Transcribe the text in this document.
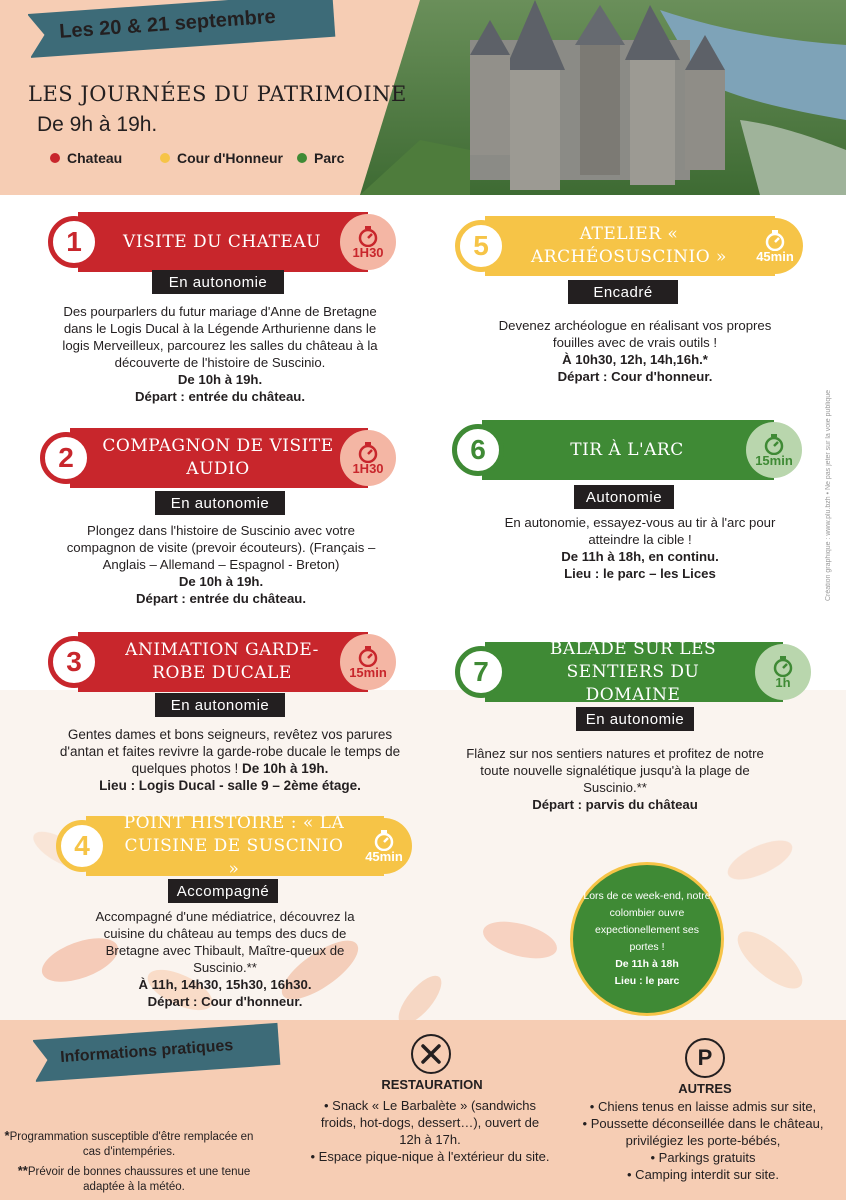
Les 20 & 21 septembre
LES JOURNÉES DU PATRIMOINE
De 9h à 19h.
Chateau	Cour d'Honneur Parc
1	VISITE DU CHATEAU
1H30
En autonomie
Des pourparlers du futur mariage d'Anne de Bretagne dans le Logis Ducal à la Légende Arthurienne dans le logis Merveilleux, parcourez les salles du château à la découverte de l'histoire de Suscinio.
De 10h à 19h.
Départ : entrée du château.
2	COMPAGNON DE VISITE AUDIO	1H30
En autonomie
Plongez dans l'histoire de Suscinio avec votre compagnon de visite (prevoir écouteurs). (Français – Anglais – Allemand – Espagnol - Breton)
De 10h à 19h.
Départ : entrée du château.
3	ANIMATION GARDE-ROBE DUCALE	15min
En autonomie
Gentes dames et bons seigneurs, revêtez vos parures d'antan et faites revivre la garde-robe ducale le temps de quelques photos ! De 10h à 19h.
Lieu : Logis Ducal - salle 9 – 2ème étage.
4
POINT HISTOIRE : « LA CUISINE DE SUSCINIO »
45min
Accompagné
Accompagné d'une médiatrice, découvrez la cuisine du château au temps des ducs de Bretagne avec Thibault, Maître-queux de Suscinio.**
À 11h, 14h30, 15h30, 16h30.
Départ : Cour d'honneur.
5	ATELIER « ARCHÉOSUSCINIO »	45min
Encadré
Devenez archéologue en réalisant vos propres fouilles avec de vrais outils !
À 10h30, 12h, 14h,16h.*
Départ : Cour d'honneur.
6	TIR À L'ARC
15min
Autonomie
En autonomie, essayez-vous au tir à l'arc pour atteindre la cible !
De 11h à 18h, en continu.
Lieu : le parc – les Lices
7
BALADE SUR LES SENTIERS DU DOMAINE
1h
En autonomie
Flânez sur nos sentiers natures et profitez de notre toute nouvelle signalétique jusqu'à la plage de Suscinio.**
Départ : parvis du château
Lors de ce week-end, notre colombier ouvre expectionellement ses portes !
De 11h à 18h
Lieu : le parc
Création graphique : www.plu.bzh • Ne pas jeter sur la voie publique
Informations pratiques
*Programmation susceptible d'être remplacée en cas d'intempéries.
**Prévoir de bonnes chaussures et une tenue adaptée à la météo.
RESTAURATION
• Snack « Le Barbalète » (sandwichs froids, hot-dogs, dessert…), ouvert de 12h à 17h.
• Espace pique-nique à l'extérieur du site.
P
AUTRES
• Chiens tenus en laisse admis sur site,
• Poussette déconseillée dans le château, privilégiez les porte-bébés,
• Parkings gratuits
• Camping interdit sur site.
